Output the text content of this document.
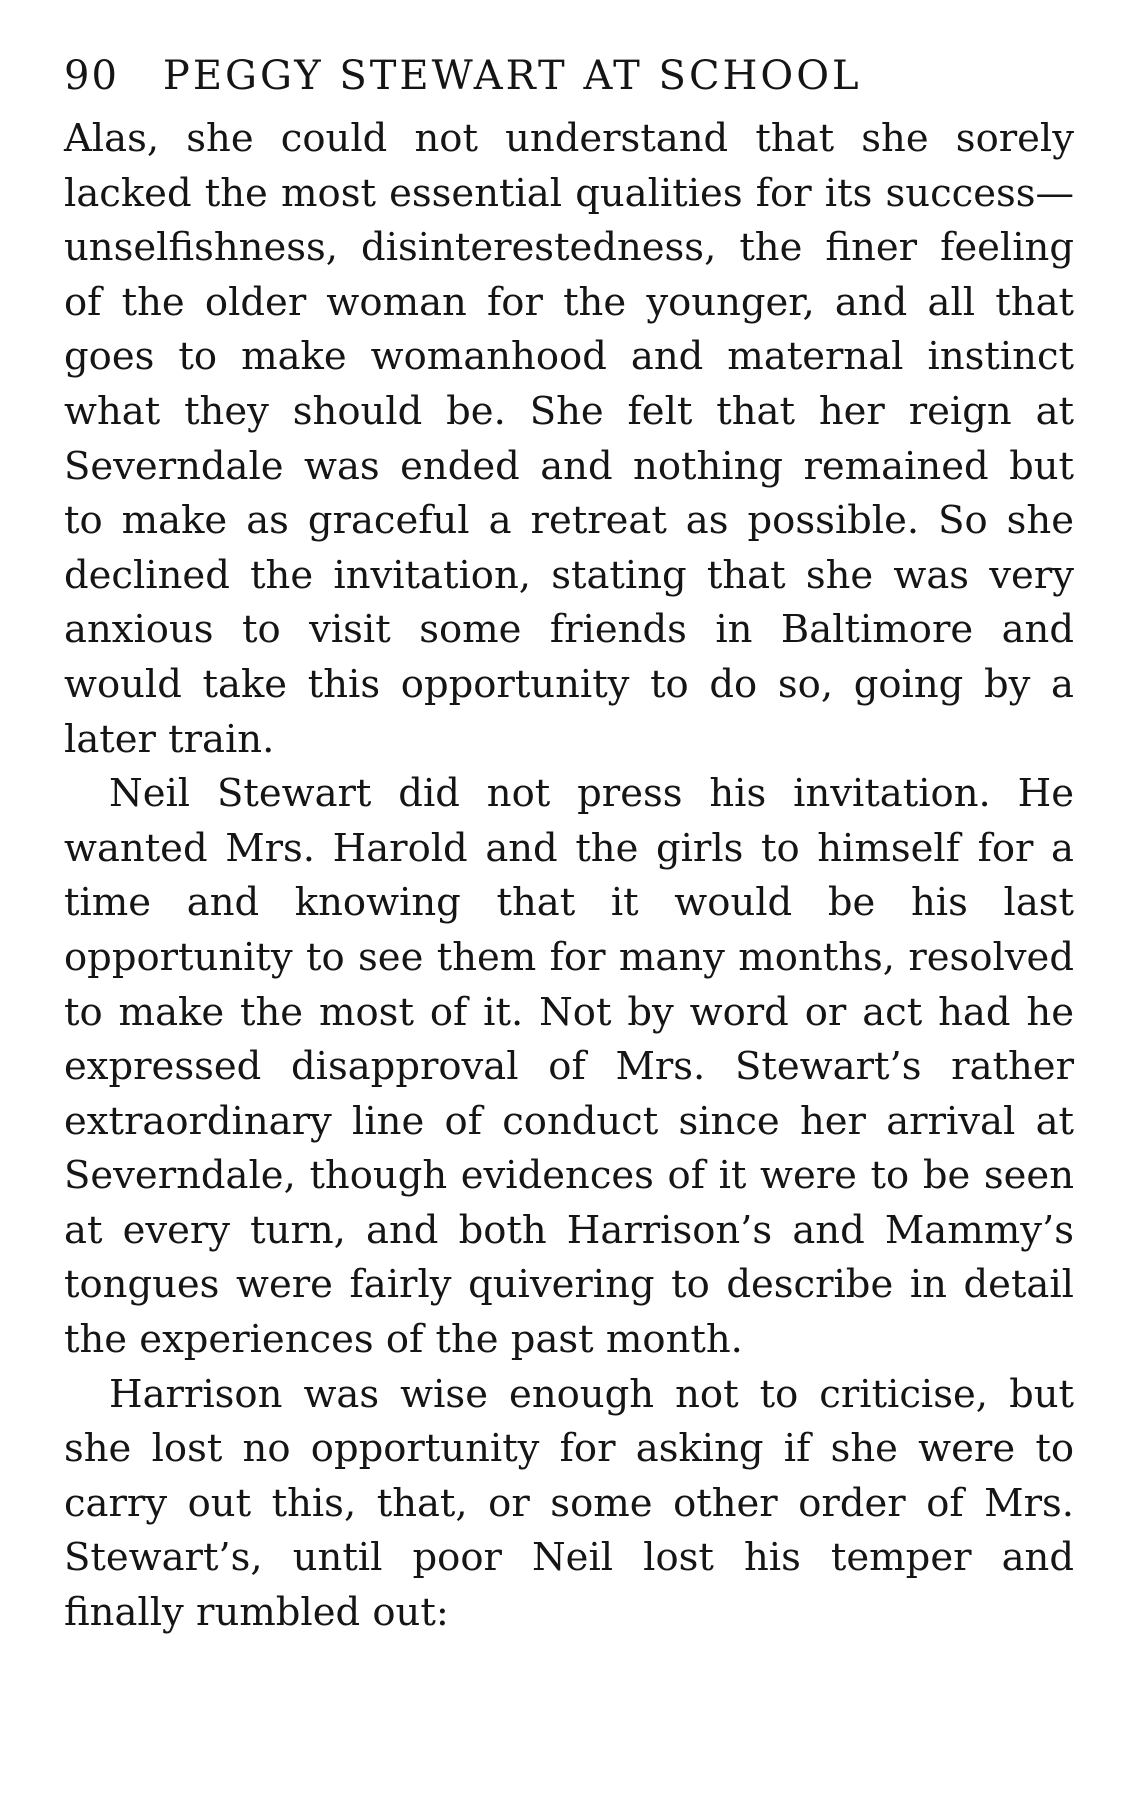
90 PEGGY STEWART AT SCHOOL

Alas, she could not understand that she sorely lacked the most essential qualities for its success—unselfishness, disinterestedness, the finer feeling of the older woman for the younger, and all that goes to make womanhood and maternal instinct what they should be. She felt that her reign at Severndale was ended and nothing remained but to make as graceful a retreat as possible. So she declined the invitation, stating that she was very anxious to visit some friends in Baltimore and would take this opportunity to do so, going by a later train.

Neil Stewart did not press his invitation. He wanted Mrs. Harold and the girls to himself for a time and knowing that it would be his last opportunity to see them for many months, resolved to make the most of it. Not by word or act had he expressed disapproval of Mrs. Stewart’s rather extraordinary line of conduct since her arrival at Severndale, though evidences of it were to be seen at every turn, and both Harrison’s and Mammy’s tongues were fairly quivering to describe in detail the experiences of the past month.

Harrison was wise enough not to criticise, but she lost no opportunity for asking if she were to carry out this, that, or some other order of Mrs. Stewart’s, until poor Neil lost his temper and finally rumbled out:
